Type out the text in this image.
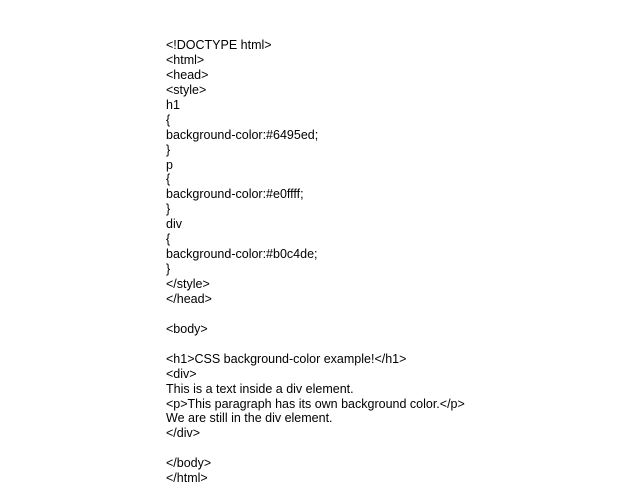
<!DOCTYPE html>
<html>
<head>
<style>
h1
{
background-color:#6495ed;
}
p
{
background-color:#e0ffff;
}
div
{
background-color:#b0c4de;
}
</style>
</head>
<body>
<h1>CSS background-color example!</h1>
<div>
This is a text inside a div element.
<p>This paragraph has its own background color.</p>
We are still in the div element.
</div>
</body>
</html>
